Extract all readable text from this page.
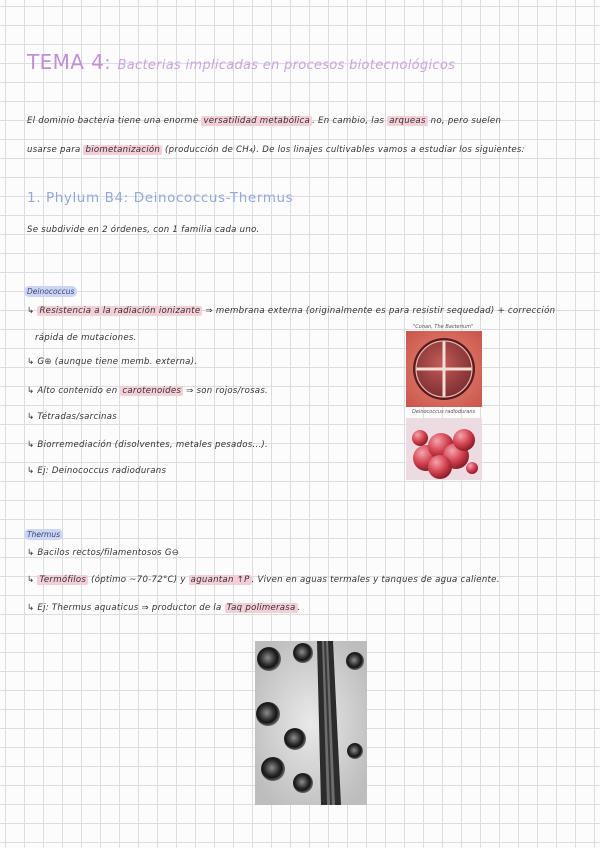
TEMA 4: Bacterias implicadas en procesos biotecnológicos
El dominio bacteria tiene una enorme versatilidad metabólica . En cambio, las arqueas no, pero suelen
usarse para biometanización (producción de CH₄). De los linajes cultivables vamos a estudiar los siguientes:
1. Phylum B4: Deinococcus-Thermus
Se subdivide en 2 órdenes, con 1 familia cada uno.
Deinococcus
↳ Resistencia a la radiación ionizante ⇒ membrana externa (originalmente es para resistir sequedad) + corrección
rápida de mutaciones.
↳ G⊕ (aunque tiene memb. externa).
↳ Alto contenido en carotenoides ⇒ son rojos/rosas.
↳ Tétradas/sarcinas
↳ Biorremediación (disolventes, metales pesados...).
↳ Ej: Deinococcus radiodurans
"Conan, The Bacterium"
Deinococcus radiodurans
Thermus
↳ Bacilos rectos/filamentosos G⊖
↳ Termófilos (óptimo ~70-72°C) y aguantan ↑P . Viven en aguas termales y tanques de agua caliente.
↳ Ej: Thermus aquaticus ⇒ productor de la Taq polimerasa .
